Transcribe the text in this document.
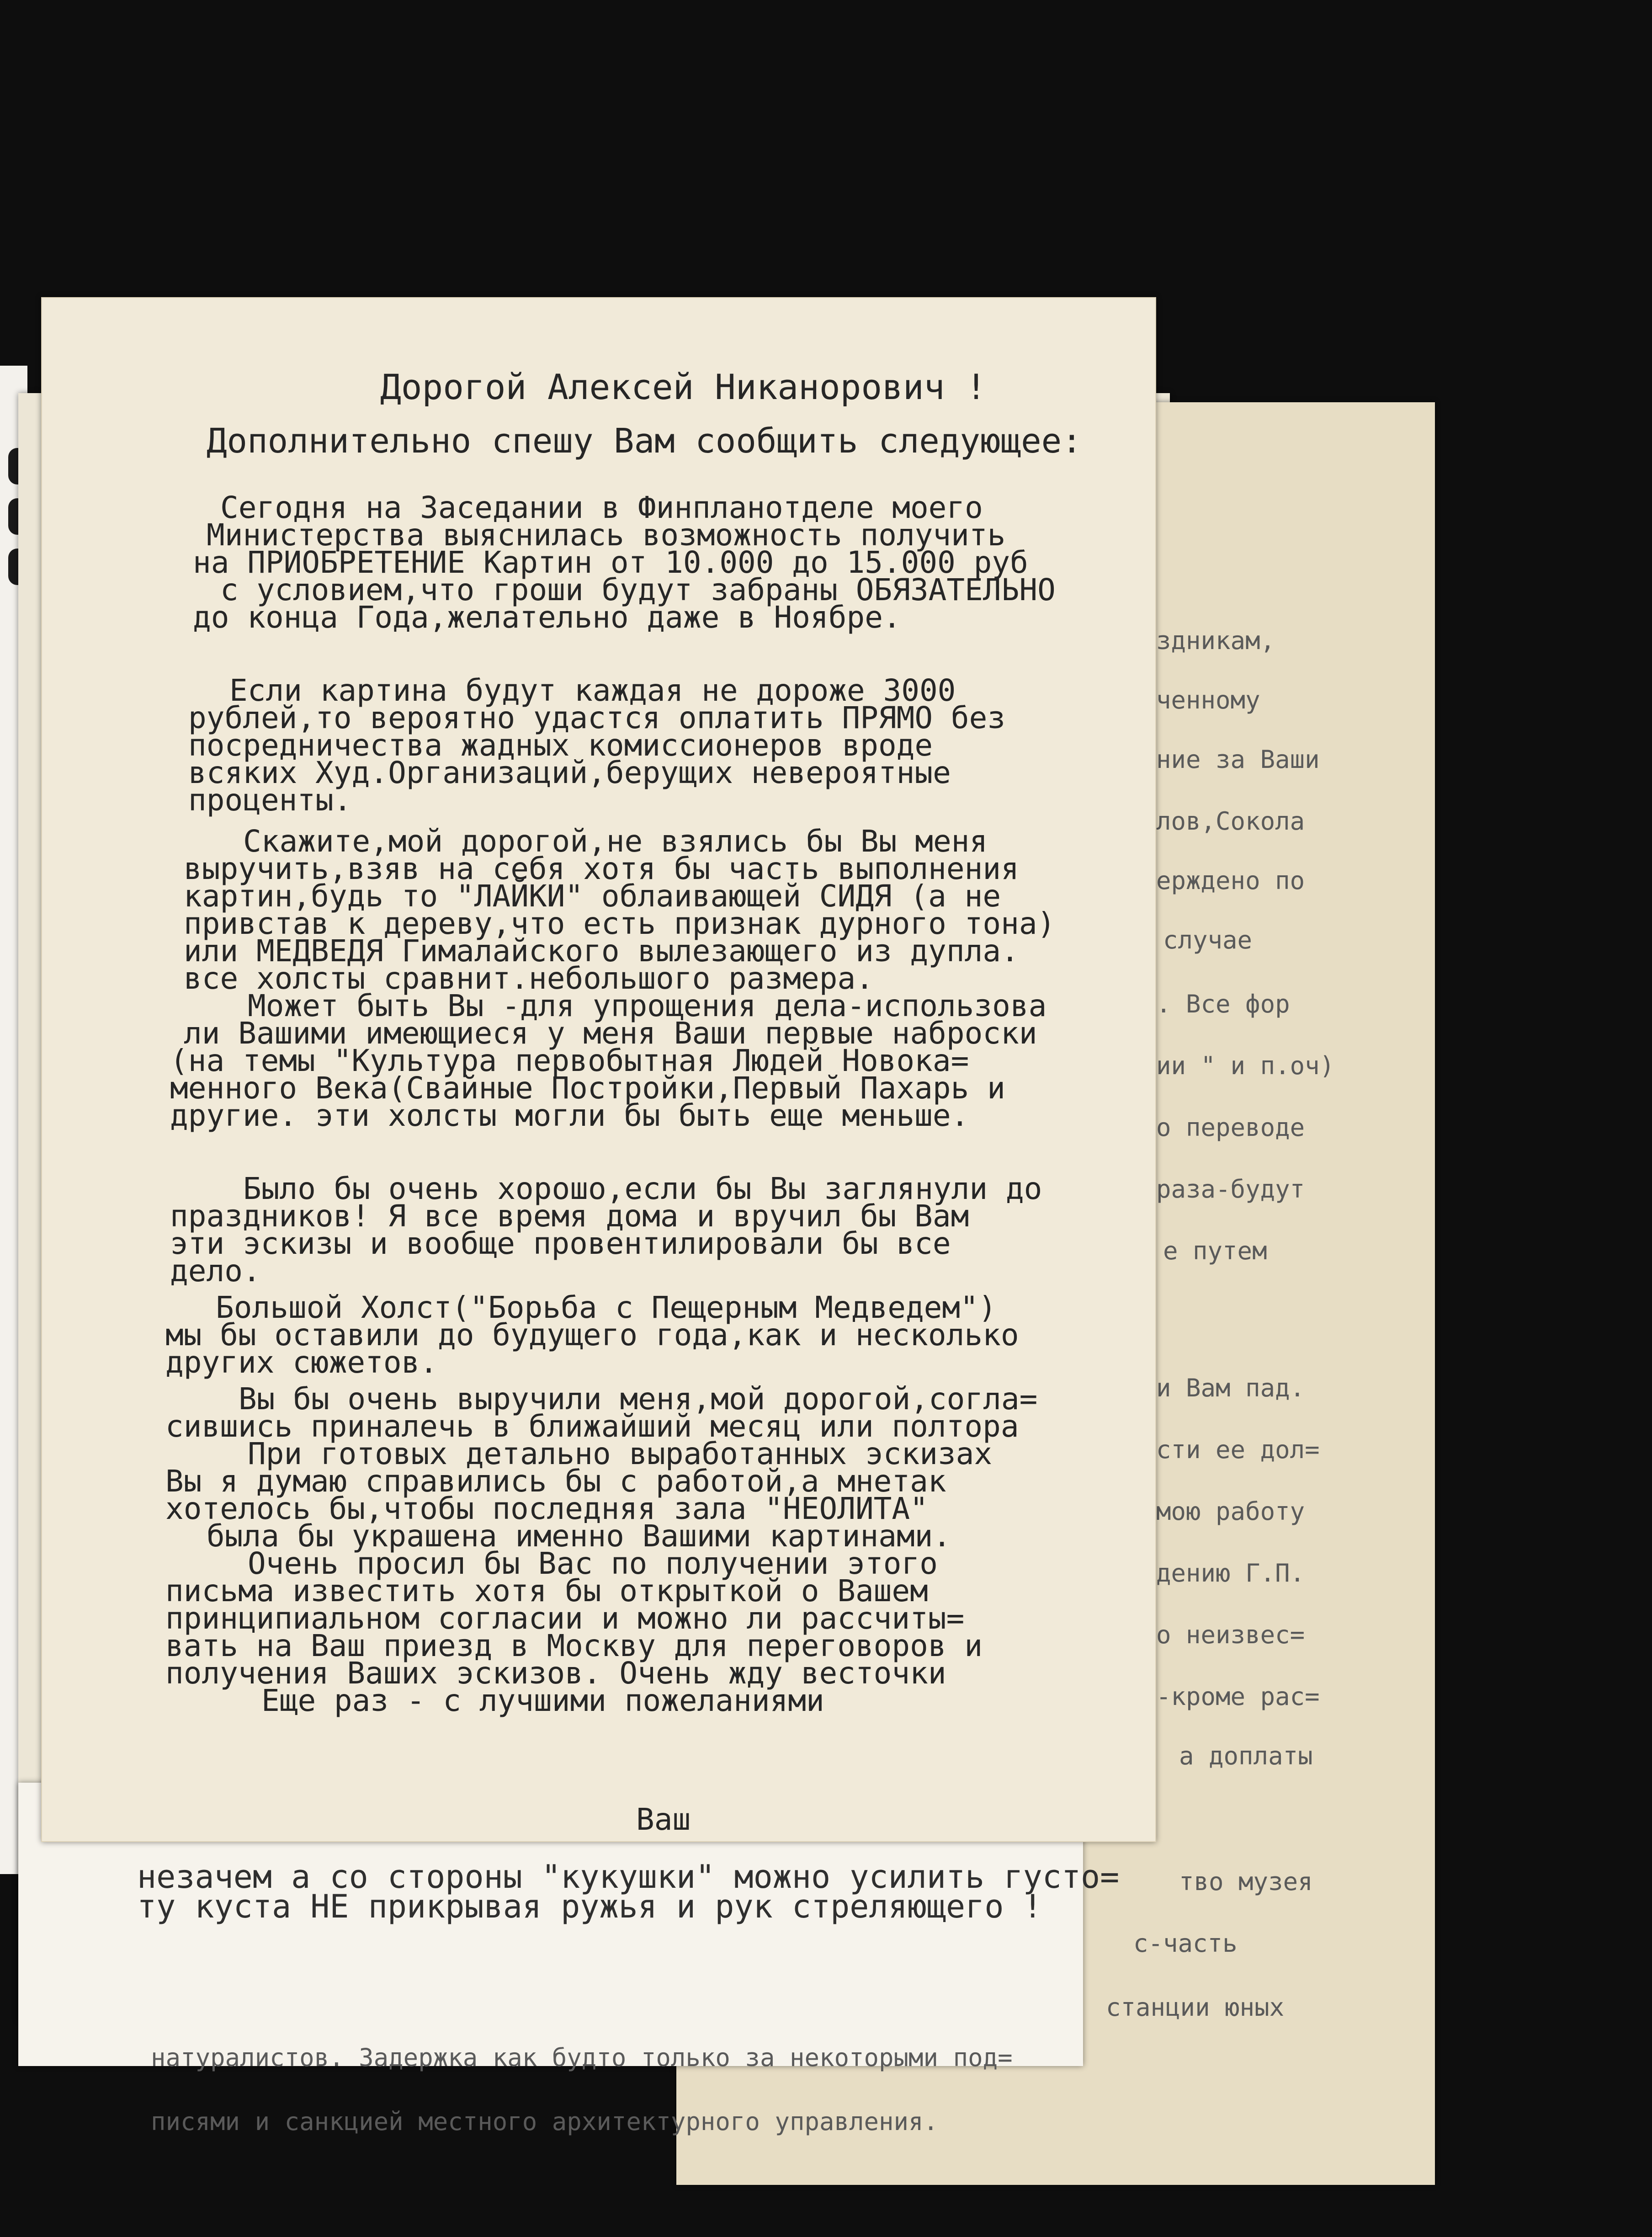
здникам,
ченному
ние за Ваши
лов,Сокола
ерждено по
случае
. Все фор
ии " и п.оч)
о переводе
раза-будут
е путем
и Вам пад.
сти ее дол=
мою работу
дению Г.П.
о неизвес=
-кроме рас=
а доплаты
тво музея
с-часть
станции юных
натуралистов. Задержка как будто только за некоторыми под=
писями и санкцией местного архитектурного управления.
незачем а со стороны "кукушки" можно усилить густо=
ту куста НЕ прикрывая ружья и рук стреляющего !
Дорогой Алексей Никанорович !
Дополнительно спешу Вам сообщить следующее:
Сегодня на Заседании в Финпланотделе моего
Министерства выяснилась возможность получить
на ПРИОБРЕТЕНИЕ Картин от 10.000 до 15.000 руб
с условием,что гроши будут забраны ОБЯЗАТЕЛЬНО
до конца Года,желательно даже в Ноябре.
Если картина будут каждая не дороже 3000
рублей,то вероятно удастся оплатить ПРЯМО без
посредничества жадных комиссионеров вроде
всяких Худ.Организаций,берущих невероятные
проценты.
Скажите,мой дорогой,не взялись бы Вы меня
выручить,взяв на себя хотя бы часть выполнения
картин,будь то "ЛАЙКИ" облаивающей СИДЯ (а не
привстав к дереву,что есть признак дурного тона)
или МЕДВЕДЯ Гималайского вылезающего из дупла.
все холсты сравнит.небольшого размера.
Может быть Вы -для упрощения дела-использова
ли Вашими имеющиеся у меня Ваши первые наброски
(на темы "Культура первобытная Людей Новока=
менного Века(Свайные Постройки,Первый Пахарь и
другие. эти холсты могли бы быть еще меньше.
Было бы очень хорошо,если бы Вы заглянули до
праздников! Я все время дома и вручил бы Вам
эти эскизы и вообще провентилировали бы все
дело.
Большой Холст("Борьба с Пещерным Медведем")
мы бы оставили до будущего года,как и несколько
других сюжетов.
Вы бы очень выручили меня,мой дорогой,согла=
сившись приналечь в ближайший месяц или полтора
При готовых детально выработанных эскизах
Вы я думаю справились бы с работой,а мнетак
хотелось бы,чтобы последняя зала "НЕОЛИТА"
была бы украшена именно Вашими картинами.
Очень просил бы Вас по получении этого
письма известить хотя бы открыткой о Вашем
принципиальном согласии и можно ли рассчиты=
вать на Ваш приезд в Москву для переговоров и
получения Ваших эскизов. Очень жду весточки
Еще раз - с лучшими пожеланиями
Ваш
